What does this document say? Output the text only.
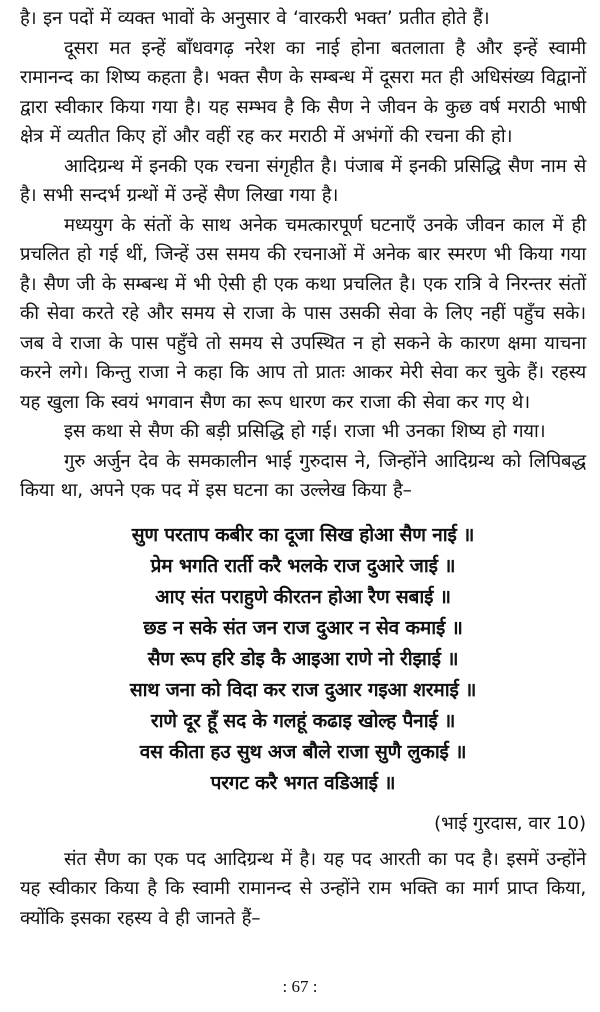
है। इन पदों में व्यक्त भावों के अनुसार वे ‘वारकरी भक्त’ प्रतीत होते हैं।

दूसरा मत इन्हें बाँधवगढ़ नरेश का नाई होना बतलाता है और इन्हें स्वामी रामानन्द का शिष्य कहता है। भक्त सैण के सम्बन्ध में दूसरा मत ही अधिसंख्य विद्वानों द्वारा स्वीकार किया गया है। यह सम्भव है कि सैण ने जीवन के कुछ वर्ष मराठी भाषी क्षेत्र में व्यतीत किए हों और वहीं रह कर मराठी में अभंगों की रचना की हो।

आदिग्रन्थ में इनकी एक रचना संगृहीत है। पंजाब में इनकी प्रसिद्धि सैण नाम से है। सभी सन्दर्भ ग्रन्थों में उन्हें सैण लिखा गया है।

मध्ययुग के संतों के साथ अनेक चमत्कारपूर्ण घटनाएँ उनके जीवन काल में ही प्रचलित हो गई थीं, जिन्हें उस समय की रचनाओं में अनेक बार स्मरण भी किया गया है। सैण जी के सम्बन्ध में भी ऐसी ही एक कथा प्रचलित है। एक रात्रि वे निरन्तर संतों की सेवा करते रहे और समय से राजा के पास उसकी सेवा के लिए नहीं पहुँच सके। जब वे राजा के पास पहुँचे तो समय से उपस्थित न हो सकने के कारण क्षमा याचना करने लगे। किन्तु राजा ने कहा कि आप तो प्रातः आकर मेरी सेवा कर चुके हैं। रहस्य यह खुला कि स्वयं भगवान सैण का रूप धारण कर राजा की सेवा कर गए थे।

इस कथा से सैण की बड़ी प्रसिद्धि हो गई। राजा भी उनका शिष्य हो गया।

गुरु अर्जुन देव के समकालीन भाई गुरुदास ने, जिन्होंने आदिग्रन्थ को लिपिबद्ध किया था, अपने एक पद में इस घटना का उल्लेख किया है–

सुण परताप कबीर का दूजा सिख होआ सैण नाई ॥
प्रेम भगति रार्ती करै भलके राज दुआरे जाई ॥
आए संत पराहुणे कीरतन होआ रैण सबाई ॥
छड न सके संत जन राज दुआर न सेव कमाई ॥
सैण रूप हरि डोइ कै आइआ राणे नो रीझाई ॥
साथ जना को विदा कर राज दुआर गइआ शरमाई ॥
राणे दूर हूँ सद के गलहूं कढाइ खोल्ह पैनाई ॥
वस कीता हउ सुथ अज बौले राजा सुणै लुकाई ॥
परगट करै भगत वडिआई ॥
(भाई गुरदास, वार 10)

संत सैण का एक पद आदिग्रन्थ में है। यह पद आरती का पद है। इसमें उन्होंने यह स्वीकार किया है कि स्वामी रामानन्द से उन्होंने राम भक्ति का मार्ग प्राप्त किया, क्योंकि इसका रहस्य वे ही जानते हैं–

: 67 :
